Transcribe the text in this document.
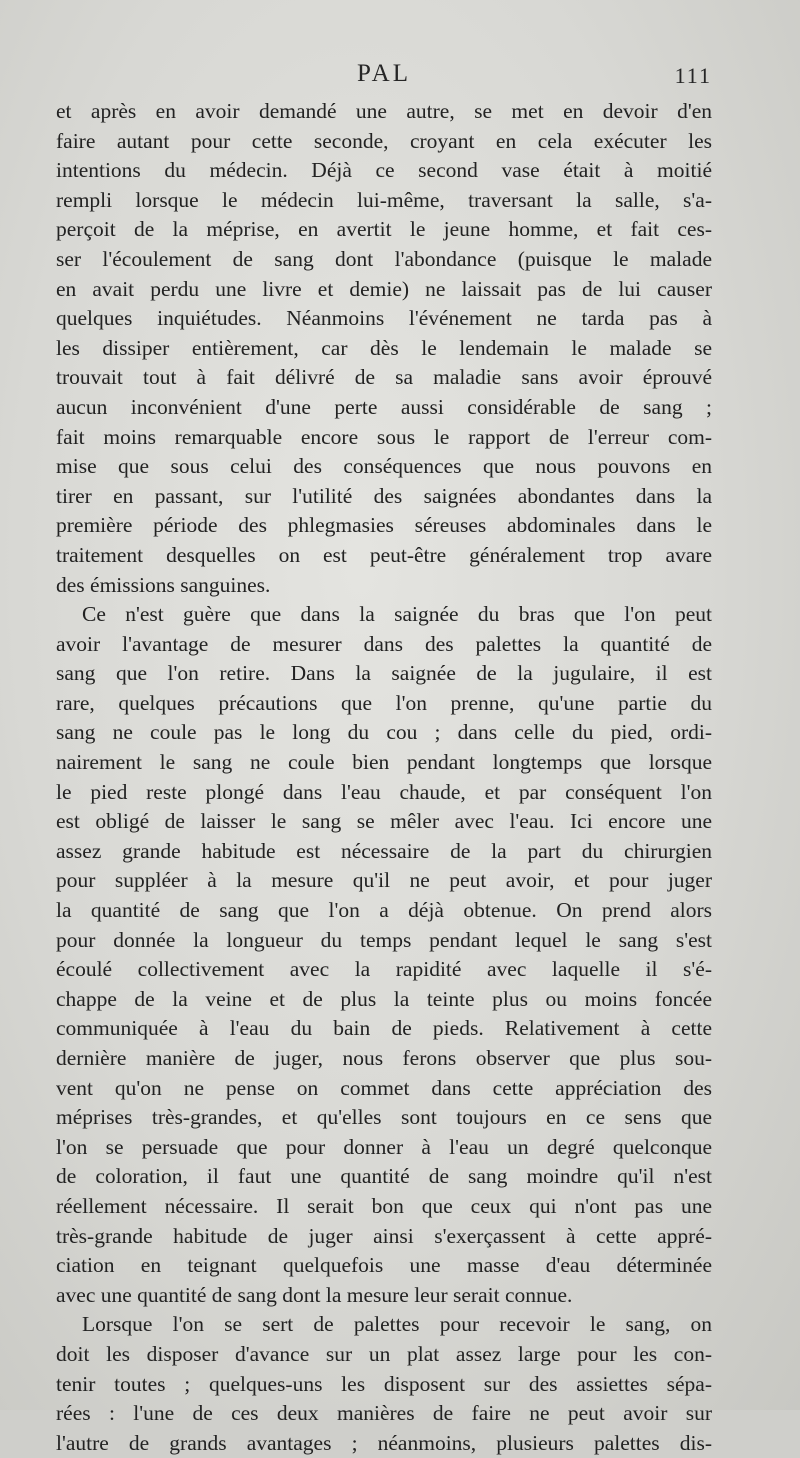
PAL	111
et après en avoir demandé une autre, se met en devoir d'en
faire autant pour cette seconde, croyant en cela exécuter les
intentions du médecin. Déjà ce second vase était à moitié
rempli lorsque le médecin lui-même, traversant la salle, s'a-
perçoit de la méprise, en avertit le jeune homme, et fait ces-
ser l'écoulement de sang dont l'abondance (puisque le malade
en avait perdu une livre et demie) ne laissait pas de lui causer
quelques inquiétudes. Néanmoins l'événement ne tarda pas à
les dissiper entièrement, car dès le lendemain le malade se
trouvait tout à fait délivré de sa maladie sans avoir éprouvé
aucun inconvénient d'une perte aussi considérable de sang ;
fait moins remarquable encore sous le rapport de l'erreur com-
mise que sous celui des conséquences que nous pouvons en
tirer en passant, sur l'utilité des saignées abondantes dans la
première période des phlegmasies séreuses abdominales dans le
traitement desquelles on est peut-être généralement trop avare
des émissions sanguines.
Ce n'est guère que dans la saignée du bras que l'on peut
avoir l'avantage de mesurer dans des palettes la quantité de
sang que l'on retire. Dans la saignée de la jugulaire, il est
rare, quelques précautions que l'on prenne, qu'une partie du
sang ne coule pas le long du cou ; dans celle du pied, ordi-
nairement le sang ne coule bien pendant longtemps que lorsque
le pied reste plongé dans l'eau chaude, et par conséquent l'on
est obligé de laisser le sang se mêler avec l'eau. Ici encore une
assez grande habitude est nécessaire de la part du chirurgien
pour suppléer à la mesure qu'il ne peut avoir, et pour juger
la quantité de sang que l'on a déjà obtenue. On prend alors
pour donnée la longueur du temps pendant lequel le sang s'est
écoulé collectivement avec la rapidité avec laquelle il s'é-
chappe de la veine et de plus la teinte plus ou moins foncée
communiquée à l'eau du bain de pieds. Relativement à cette
dernière manière de juger, nous ferons observer que plus sou-
vent qu'on ne pense on commet dans cette appréciation des
méprises très-grandes, et qu'elles sont toujours en ce sens que
l'on se persuade que pour donner à l'eau un degré quelconque
de coloration, il faut une quantité de sang moindre qu'il n'est
réellement nécessaire. Il serait bon que ceux qui n'ont pas une
très-grande habitude de juger ainsi s'exerçassent à cette appré-
ciation en teignant quelquefois une masse d'eau déterminée
avec une quantité de sang dont la mesure leur serait connue.
Lorsque l'on se sert de palettes pour recevoir le sang, on
doit les disposer d'avance sur un plat assez large pour les con-
tenir toutes ; quelques-uns les disposent sur des assiettes sépa-
rées : l'une de ces deux manières de faire ne peut avoir sur
l'autre de grands avantages ; néanmoins, plusieurs palettes dis-
